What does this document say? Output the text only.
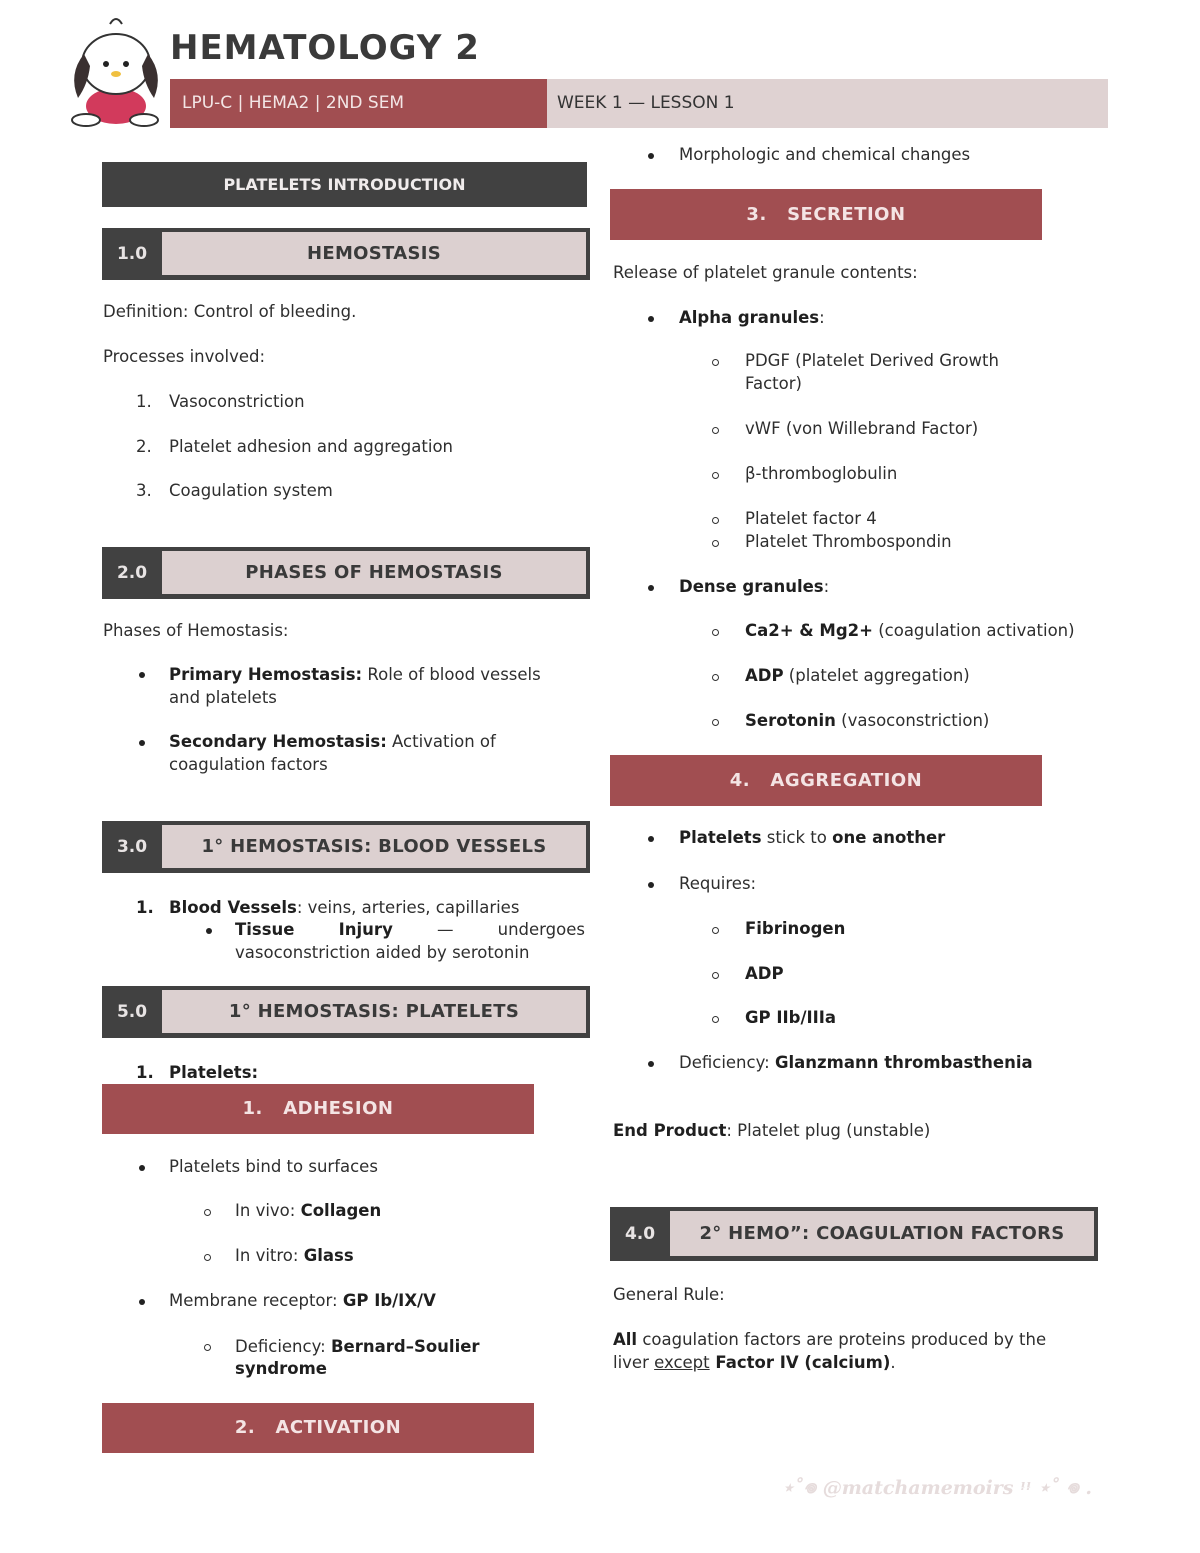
HEMATOLOGY 2
LPU-C | HEMA2 | 2ND SEM	WEEK 1 — LESSON 1
PLATELETS INTRODUCTION
1.0	HEMOSTASIS
Definition: Control of bleeding.
Processes involved:
1. Vasoconstriction
2. Platelet adhesion and aggregation
3. Coagulation system
2.0	PHASES OF HEMOSTASIS
Phases of Hemostasis:
Primary Hemostasis: Role of blood vessels
and platelets
Secondary Hemostasis: Activation of
coagulation factors
3.0	1° HEMOSTASIS: BLOOD VESSELS
1. Blood Vessels: veins, arteries, capillaries
Tissue	Injury	—	undergoes
vasoconstriction aided by serotonin
5.0	1° HEMOSTASIS: PLATELETS
1. Platelets:
1.   ADHESION
Platelets bind to surfaces
In vivo: Collagen
In vitro: Glass
Membrane receptor: GP Ib/IX/V
Deficiency: Bernard–Soulier
syndrome
2.   ACTIVATION
Morphologic and chemical changes
3.   SECRETION
Release of platelet granule contents:
Alpha granules:
PDGF (Platelet Derived Growth
Factor)
vWF (von Willebrand Factor)
β-thromboglobulin
Platelet factor 4
Platelet Thrombospondin
Dense granules:
Ca2+ & Mg2+ (coagulation activation)
ADP (platelet aggregation)
Serotonin (vasoconstriction)
4.   AGGREGATION
Platelets stick to one another
Requires:
Fibrinogen
ADP
GP IIb/IIIa
Deficiency: Glanzmann thrombasthenia
End Product: Platelet plug (unstable)
4.0	2° HEMO”: COAGULATION FACTORS
General Rule:
All coagulation factors are proteins produced by the
liver except Factor IV (calcium).
⋆˚𖦹 @matchamemoirs ᵎᵎ ⋆˚ 𖦹 .
